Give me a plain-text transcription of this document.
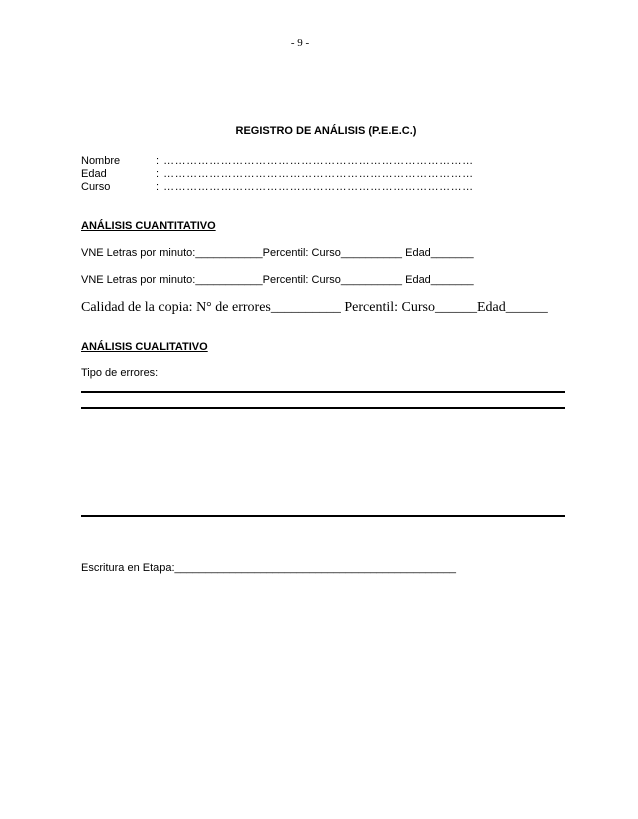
- 9 -
REGISTRO DE ANÁLISIS (P.E.E.C.)
Nombre	: ………………………………………………………………………
Edad	: ………………………………………………………………………
Curso	: ………………………………………………………………………
ANÁLISIS CUANTITATIVO
VNE Letras por minuto:___________Percentil: Curso__________ Edad_______
VNE Letras por minuto:___________Percentil: Curso__________ Edad_______
Calidad de la copia: N° de errores__________ Percentil: Curso______Edad______
ANÁLISIS CUALITATIVO
Tipo de errores:
Escritura en Etapa:______________________________________________
